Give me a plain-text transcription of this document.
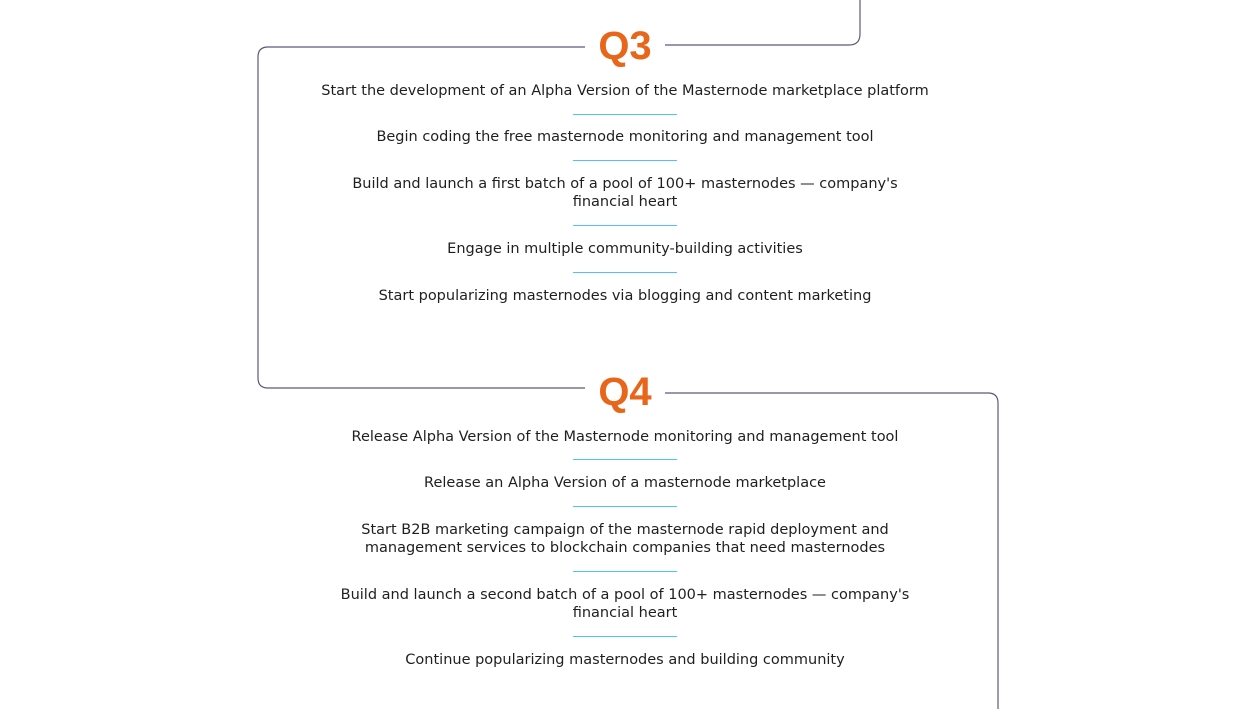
Q3
Start the development of an Alpha Version of the Masternode marketplace platform
Begin coding the free masternode monitoring and management tool
Build and launch a first batch of a pool of 100+ masternodes — company's financial heart
Engage in multiple community-building activities
Start popularizing masternodes via blogging and content marketing
Q4
Release Alpha Version of the Masternode monitoring and management tool
Release an Alpha Version of a masternode marketplace
Start B2B marketing campaign of the masternode rapid deployment and management services to blockchain companies that need masternodes
Build and launch a second batch of a pool of 100+ masternodes — company's financial heart
Continue popularizing masternodes and building community
